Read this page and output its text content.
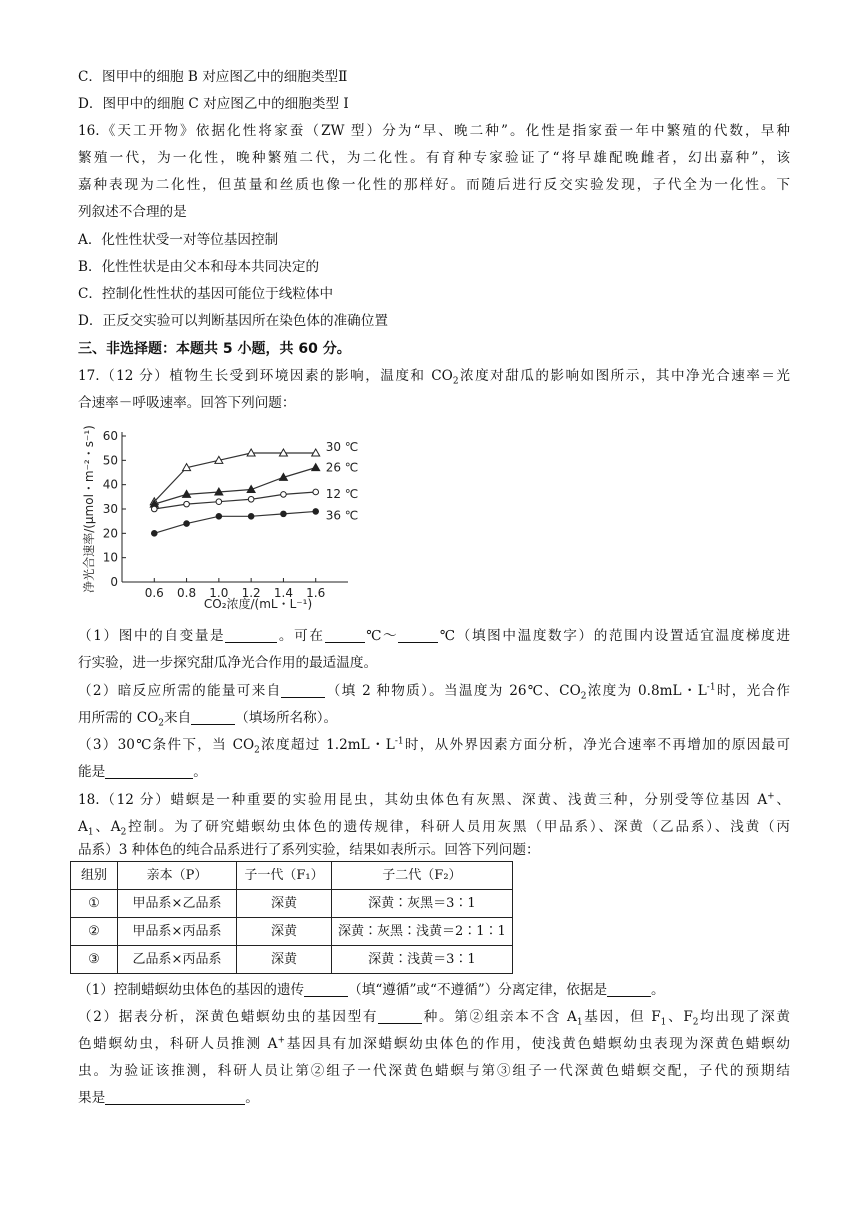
C．图甲中的细胞 B 对应图乙中的细胞类型Ⅱ
D．图甲中的细胞 C 对应图乙中的细胞类型 Ⅰ
16.《天工开物》依据化性将家蚕（ZW 型）分为“早、晚二种”。化性是指家蚕一年中繁殖的代数，早种
繁殖一代，为一化性，晚种繁殖二代，为二化性。有育种专家验证了“将早雄配晚雌者，幻出嘉种”，该
嘉种表现为二化性，但茧量和丝质也像一化性的那样好。而随后进行反交实验发现，子代全为一化性。下
列叙述不合理的是
A．化性性状受一对等位基因控制
B．化性性状是由父本和母本共同决定的
C．控制化性性状的基因可能位于线粒体中
D．正反交实验可以判断基因所在染色体的准确位置
三、非选择题：本题共 5 小题，共 60 分。
17.（12 分）植物生长受到环境因素的影响，温度和 $CO_2$浓度对甜瓜的影响如图所示，其中净光合速率＝光
合速率－呼吸速率。回答下列问题：
0
10
20
30
40
50
60
0.6 0.8 1.0 1.2 1.4 1.6
CO₂浓度/(mL・L⁻¹)
净光合速率/(μmol・m⁻²・s⁻¹)	30 ℃
26 ℃
12 ℃
36 ℃
（1）图中的自变量是	。可在	℃～	℃（填图中温度数字）的范围内设置适宜温度梯度进
行实验，进一步探究甜瓜净光合作用的最适温度。
（2）暗反应所需的能量可来自	（填 2 种物质）。当温度为 26℃、$CO_2$浓度为 0.8mL・$L^{-1}$时，光合作
用所需的 $CO_2$来自	（填场所名称）。
（3）30℃条件下，当 $CO_2$浓度超过 1.2mL・$L^{-1}$时，从外界因素方面分析，净光合速率不再增加的原因最可
能是	。
18.（12 分）蜡螟是一种重要的实验用昆虫，其幼虫体色有灰黑、深黄、浅黄三种，分别受等位基因 A+、
$A_1$、$A_2$控制。为了研究蜡螟幼虫体色的遗传规律，科研人员用灰黑（甲品系）、深黄（乙品系）、浅黄（丙
品系）3 种体色的纯合品系进行了系列实验，结果如表所示。回答下列问题：
组别	亲本（P）	子一代（F₁）	子二代（F₂）
①	甲品系×乙品系	深黄	深黄∶灰黑＝3∶1
②	甲品系×丙品系	深黄	深黄∶灰黑∶浅黄＝2∶1∶1
③	乙品系×丙品系	深黄	深黄∶浅黄＝3∶1
（1）控制蜡螟幼虫体色的基因的遗传	（填“遵循”或“不遵循”）分离定律，依据是	。
（2）据表分析，深黄色蜡螟幼虫的基因型有	种。第②组亲本不含 $A_1$基因，但 $F_1$、$F_2$均出现了深黄
色蜡螟幼虫，科研人员推测 A+基因具有加深蜡螟幼虫体色的作用，使浅黄色蜡螟幼虫表现为深黄色蜡螟幼
虫。为验证该推测，科研人员让第②组子一代深黄色蜡螟与第③组子一代深黄色蜡螟交配，子代的预期结
果是	。
